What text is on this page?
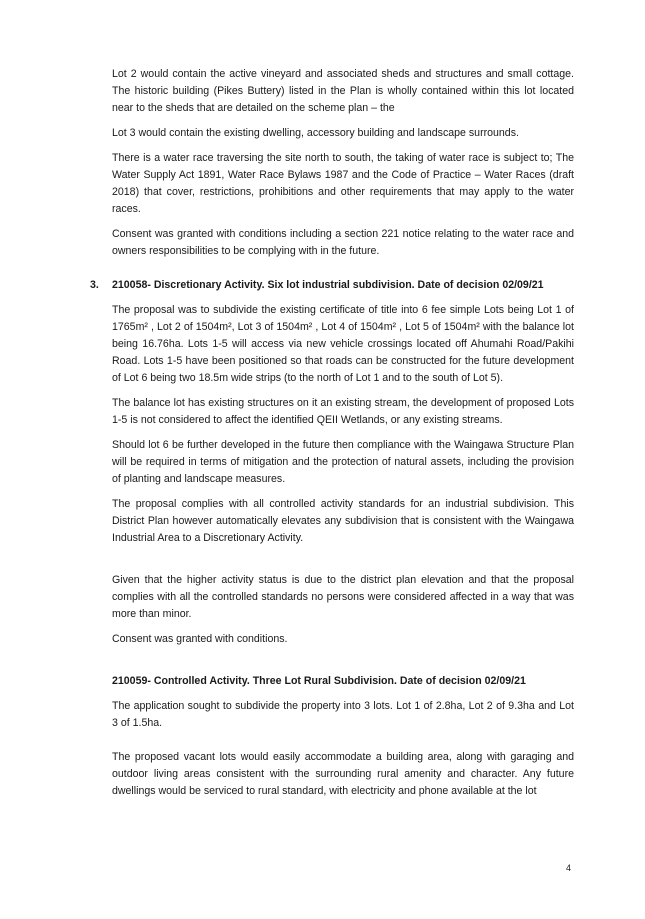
Lot 2 would contain the active vineyard and associated sheds and structures and small cottage. The historic building (Pikes Buttery) listed in the Plan is wholly contained within this lot located near to the sheds that are detailed on the scheme plan – the

Lot 3 would contain the existing dwelling, accessory building and landscape surrounds.

There is a water race traversing the site north to south, the taking of water race is subject to; The Water Supply Act 1891, Water Race Bylaws 1987 and the Code of Practice – Water Races (draft 2018) that cover, restrictions, prohibitions and other requirements that may apply to the water races.

Consent was granted with conditions including a section 221 notice relating to the water race and owners responsibilities to be complying with in the future.

3. 210058- Discretionary Activity. Six lot industrial subdivision. Date of decision 02/09/21

The proposal was to subdivide the existing certificate of title into 6 fee simple Lots being Lot 1 of 1765m² , Lot 2 of 1504m², Lot 3 of 1504m² , Lot 4 of 1504m² , Lot 5 of 1504m² with the balance lot being 16.76ha. Lots 1-5 will access via new vehicle crossings located off Ahumahi Road/Pakihi Road. Lots 1-5 have been positioned so that roads can be constructed for the future development of Lot 6 being two 18.5m wide strips (to the north of Lot 1 and to the south of Lot 5).

The balance lot has existing structures on it an existing stream, the development of proposed Lots 1-5 is not considered to affect the identified QEII Wetlands, or any existing streams.

Should lot 6 be further developed in the future then compliance with the Waingawa Structure Plan will be required in terms of mitigation and the protection of natural assets, including the provision of planting and landscape measures.

The proposal complies with all controlled activity standards for an industrial subdivision. This District Plan however automatically elevates any subdivision that is consistent with the Waingawa Industrial Area to a Discretionary Activity.

Given that the higher activity status is due to the district plan elevation and that the proposal complies with all the controlled standards no persons were considered affected in a way that was more than minor.

Consent was granted with conditions.

210059- Controlled Activity. Three Lot Rural Subdivision. Date of decision 02/09/21

The application sought to subdivide the property into 3 lots. Lot 1 of 2.8ha, Lot 2 of 9.3ha and Lot 3 of 1.5ha.

The proposed vacant lots would easily accommodate a building area, along with garaging and outdoor living areas consistent with the surrounding rural amenity and character. Any future dwellings would be serviced to rural standard, with electricity and phone available at the lot

4
